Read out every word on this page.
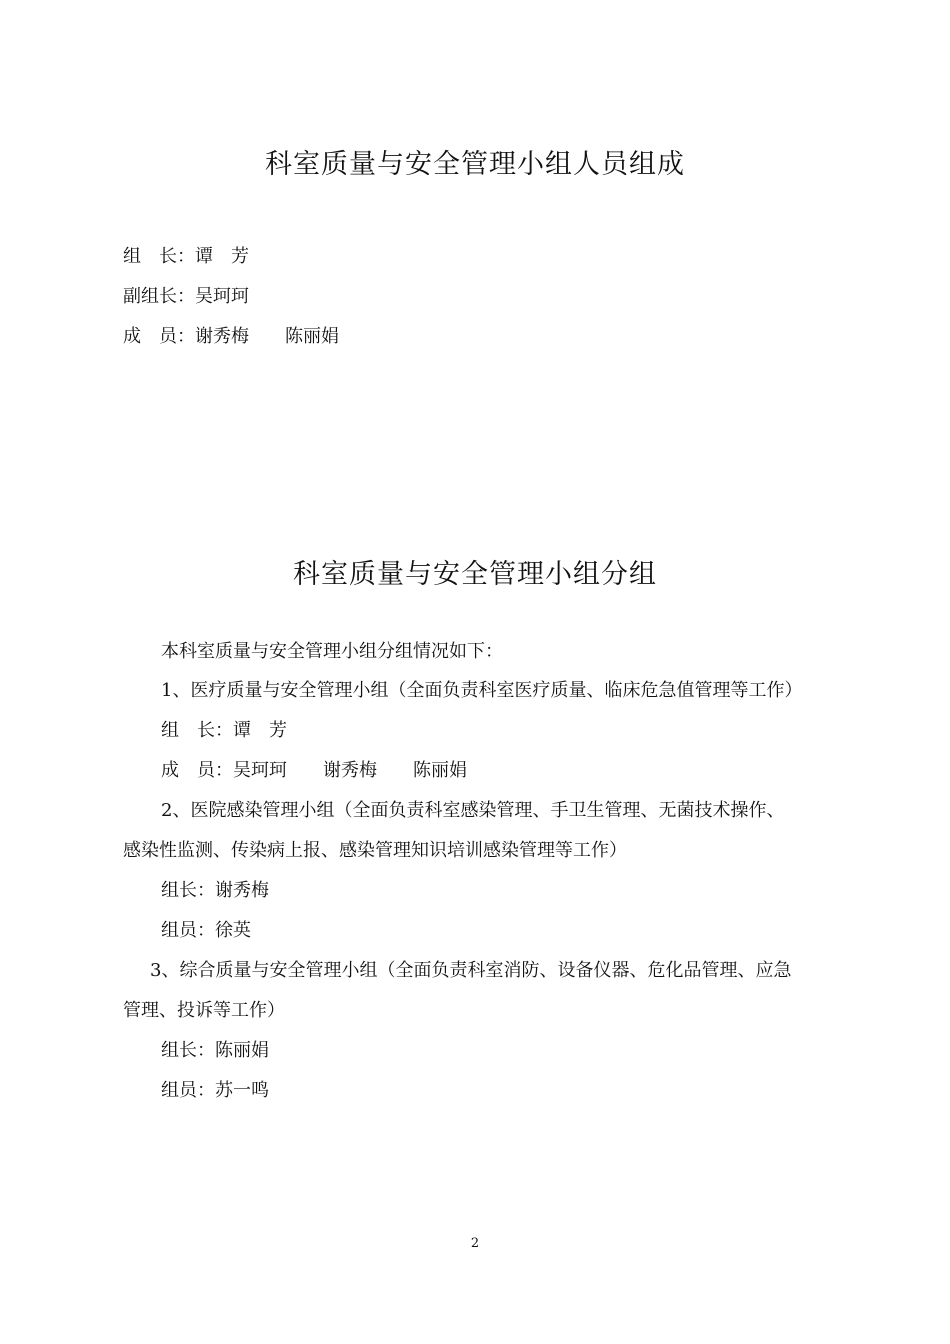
科室质量与安全管理小组人员组成

组　长：谭　芳

副组长：吴珂珂

成　员：谢秀梅　　陈丽娟

科室质量与安全管理小组分组

本科室质量与安全管理小组分组情况如下：

1、医疗质量与安全管理小组（全面负责科室医疗质量、临床危急值管理等工作）

组　长：谭　芳

成　员：吴珂珂　　谢秀梅　　陈丽娟

2、医院感染管理小组（全面负责科室感染管理、手卫生管理、无菌技术操作、

感染性监测、传染病上报、感染管理知识培训感染管理等工作）

组长：谢秀梅

组员：徐英

3、综合质量与安全管理小组（全面负责科室消防、设备仪器、危化品管理、应急

管理、投诉等工作）

组长：陈丽娟

组员：苏一鸣

2
